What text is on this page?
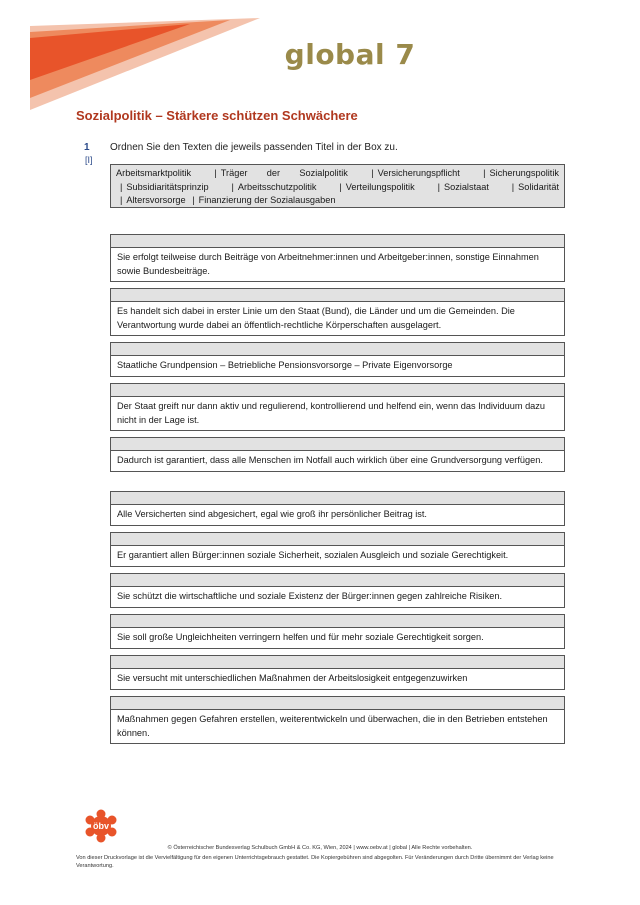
global 7
Sozialpolitik – Stärkere schützen Schwächere
1
[I]
Ordnen Sie den Texten die jeweils passenden Titel in der Box zu.
Arbeitsmarktpolitik	| Träger der Sozialpolitik	| Versicherungspflicht	| Sicherungspolitik | Subsidiaritätsprinzip | Arbeitsschutzpolitik | Verteilungspolitik | Sozialstaat | Solidarität | Altersvorsorge | Finanzierung der Sozialausgaben
Sie erfolgt teilweise durch Beiträge von Arbeitnehmer:innen und Arbeitgeber:innen, sonstige Einnahmen sowie Bundesbeiträge.
Es handelt sich dabei in erster Linie um den Staat (Bund), die Länder und um die Gemeinden. Die Verantwortung wurde dabei an öffentlich-rechtliche Körperschaften ausgelagert.
Staatliche Grundpension – Betriebliche Pensionsvorsorge – Private Eigenvorsorge
Der Staat greift nur dann aktiv und regulierend, kontrollierend und helfend ein, wenn das Individuum dazu nicht in der Lage ist.
Dadurch ist garantiert, dass alle Menschen im Notfall auch wirklich über eine Grundversorgung verfügen.
Alle Versicherten sind abgesichert, egal wie groß ihr persönlicher Beitrag ist.
Er garantiert allen Bürger:innen soziale Sicherheit, sozialen Ausgleich und soziale Gerechtigkeit.
Sie schützt die wirtschaftliche und soziale Existenz der Bürger:innen gegen zahlreiche Risiken.
Sie soll große Ungleichheiten verringern helfen und für mehr soziale Gerechtigkeit sorgen.
Sie versucht mit unterschiedlichen Maßnahmen der Arbeitslosigkeit entgegenzuwirken
Maßnahmen gegen Gefahren erstellen, weiterentwickeln und überwachen, die in den Betrieben entstehen können.
öbv
© Österreichischer Bundesverlag Schulbuch GmbH & Co. KG, Wien, 2024 | www.oebv.at | global | Alle Rechte vorbehalten.
Von dieser Druckvorlage ist die Vervielfältigung für den eigenen Unterrichtsgebrauch gestattet. Die Kopiergebühren sind abgegolten. Für Veränderungen durch Dritte übernimmt der Verlag keine Verantwortung.
